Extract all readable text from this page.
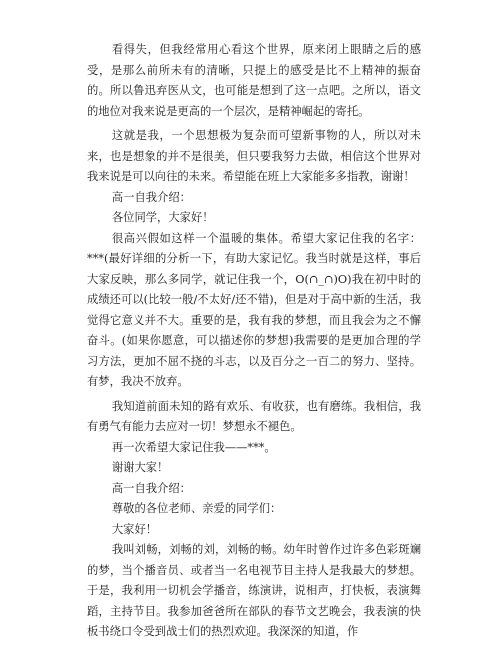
看得失，但我经常用心看这个世界，原来闭上眼睛之后的感受，是那么前所未有的清晰，只提上的感受是比不上精神的振奋的。所以鲁迅弃医从文，也可能是想到了这一点吧。之所以，语文的地位对我来说是更高的一个层次，是精神崛起的寄托。

这就是我，一个思想极为复杂而可望新事物的人，所以对未来，也是想象的并不是很美，但只要我努力去做，相信这个世界对我来说是可以向往的未来。希望能在班上大家能多多指教，谢谢！

高一自我介绍：

各位同学，大家好！

很高兴假如这样一个温暖的集体。希望大家记住我的名字：***(最好详细的分析一下，有助大家记忆。我当时就是这样，事后大家反映，那么多同学，就记住我一个，O(∩_∩)O)我在初中时的成绩还可以(比较一般/不太好/还不错)，但是对于高中新的生活，我觉得它意义并不大。重要的是，我有我的梦想，而且我会为之不懈奋斗。(如果你愿意，可以描述你的梦想)我需要的是更加合理的学习方法，更加不屈不挠的斗志，以及百分之一百二的努力、坚持。有梦，我决不放弃。

我知道前面未知的路有欢乐、有收获，也有磨练。我相信，我有勇气有能力去应对一切！梦想永不褪色。

再一次希望大家记住我——***。

谢谢大家！

高一自我介绍：

尊敬的各位老师、亲爱的同学们：

大家好！

我叫刘畅，刘畅的刘，刘畅的畅。幼年时曾作过许多色彩斑斓的梦，当个播音员、或者当一名电视节目主持人是我最大的梦想。于是，我利用一切机会学播音，练演讲，说相声，打快板，表演舞蹈，主持节目。我参加爸爸所在部队的春节文艺晚会，我表演的快板书绕口令受到战士们的热烈欢迎。我深深的知道，作
